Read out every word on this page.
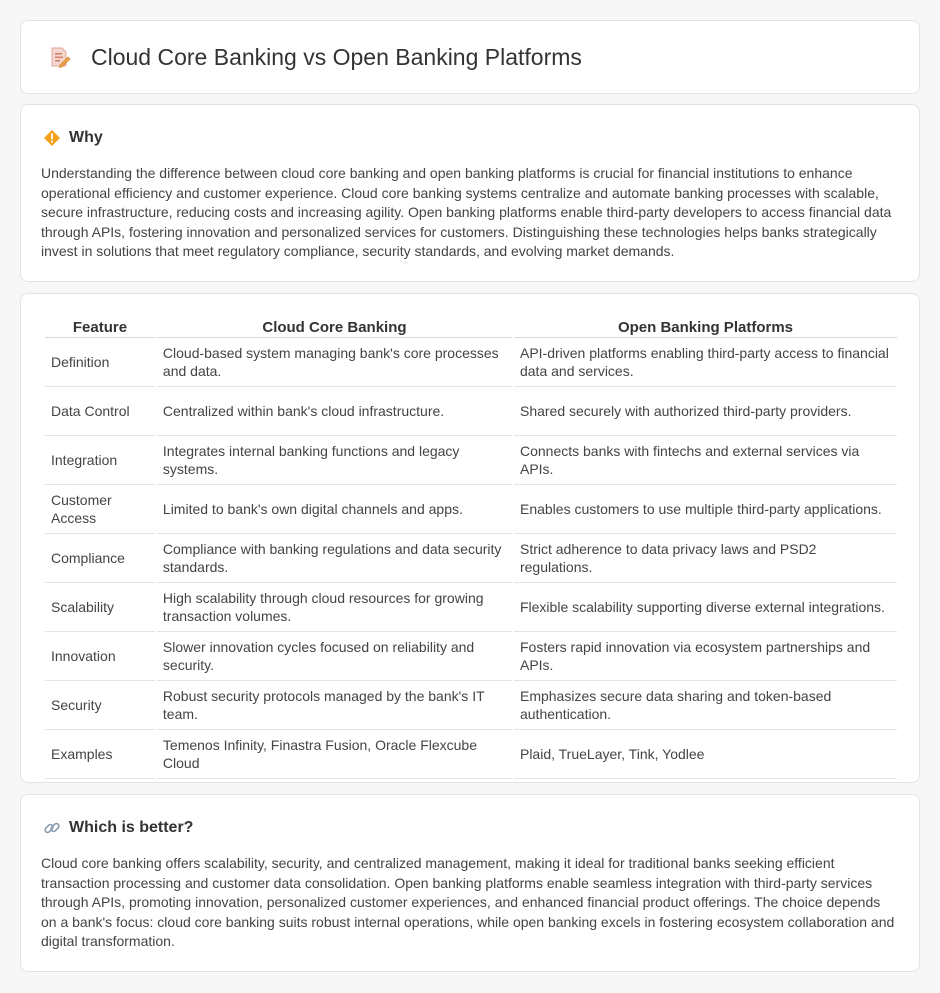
Cloud Core Banking vs Open Banking Platforms
Why

Understanding the difference between cloud core banking and open banking platforms is crucial for financial institutions to enhance operational efficiency and customer experience. Cloud core banking systems centralize and automate banking processes with scalable, secure infrastructure, reducing costs and increasing agility. Open banking platforms enable third-party developers to access financial data through APIs, fostering innovation and personalized services for customers. Distinguishing these technologies helps banks strategically invest in solutions that meet regulatory compliance, security standards, and evolving market demands.

Feature	Cloud Core Banking	Open Banking Platforms
Definition	Cloud-based system managing bank's core processes and data.	API-driven platforms enabling third-party access to financial data and services.
Data Control	Centralized within bank's cloud infrastructure.	Shared securely with authorized third-party providers.
Integration	Integrates internal banking functions and legacy systems.	Connects banks with fintechs and external services via APIs.
Customer Access	Limited to bank's own digital channels and apps.	Enables customers to use multiple third-party applications.
Compliance	Compliance with banking regulations and data security standards.	Strict adherence to data privacy laws and PSD2 regulations.
Scalability	High scalability through cloud resources for growing transaction volumes.	Flexible scalability supporting diverse external integrations.
Innovation	Slower innovation cycles focused on reliability and security.	Fosters rapid innovation via ecosystem partnerships and APIs.
Security	Robust security protocols managed by the bank's IT team.	Emphasizes secure data sharing and token-based authentication.
Examples	Temenos Infinity, Finastra Fusion, Oracle Flexcube Cloud	Plaid, TrueLayer, Tink, Yodlee
Which is better?

Cloud core banking offers scalability, security, and centralized management, making it ideal for traditional banks seeking efficient transaction processing and customer data consolidation. Open banking platforms enable seamless integration with third-party services through APIs, promoting innovation, personalized customer experiences, and enhanced financial product offerings. The choice depends on a bank's focus: cloud core banking suits robust internal operations, while open banking excels in fostering ecosystem collaboration and digital transformation.
